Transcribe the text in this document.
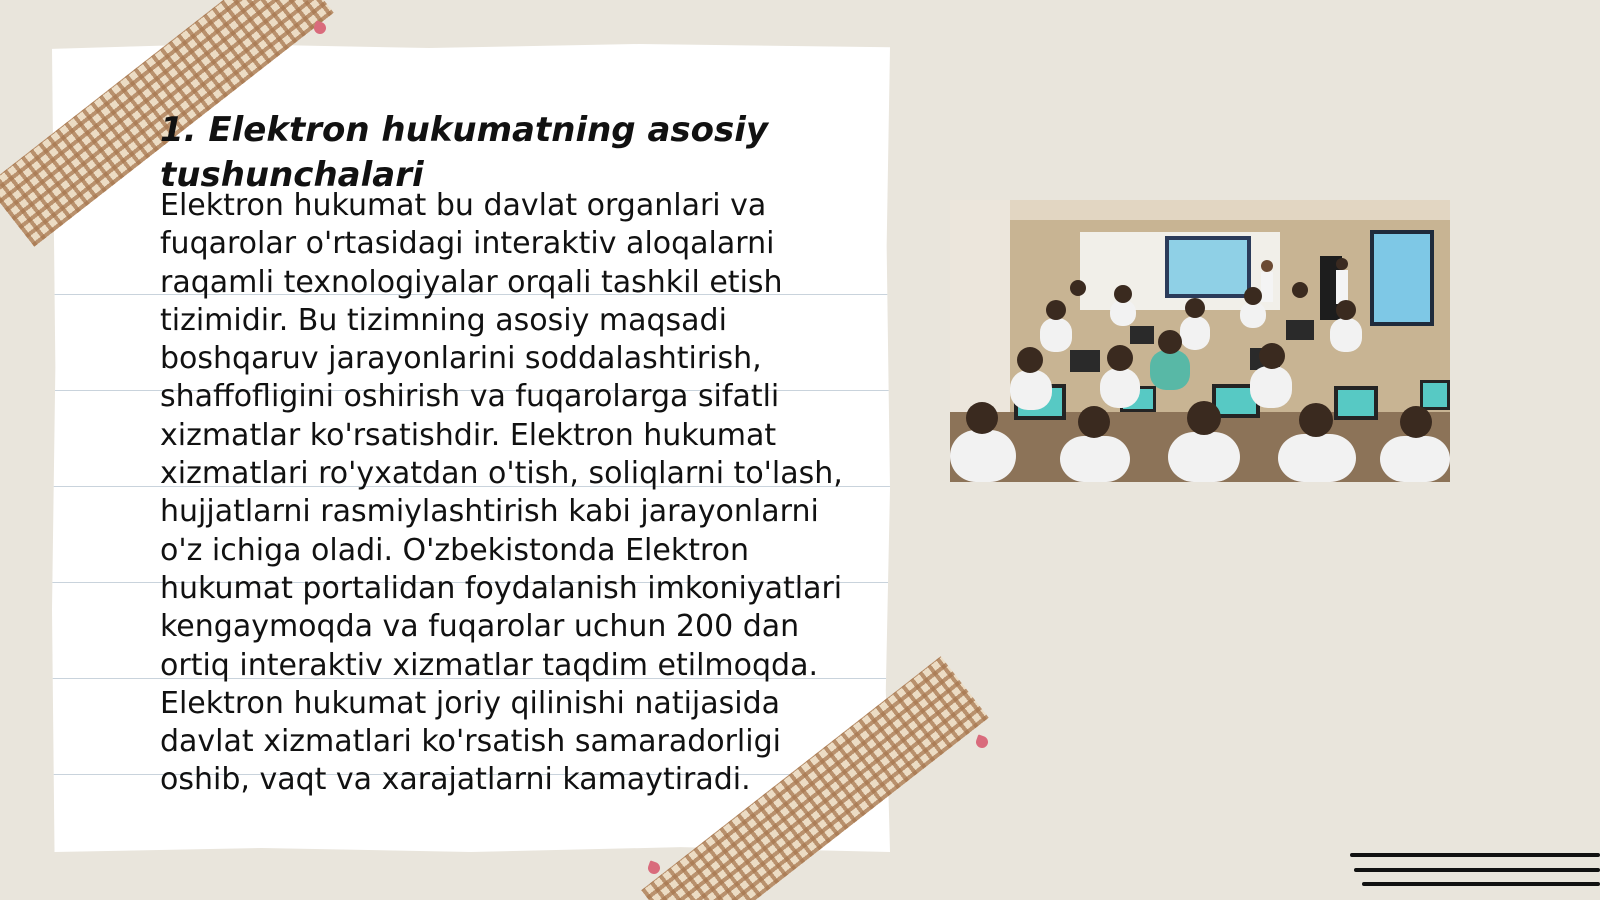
1. Elektron hukumatning asosiy tushunchalari

Elektron hukumat bu davlat organlari va fuqarolar o'rtasidagi interaktiv aloqalarni raqamli texnologiyalar orqali tashkil etish tizimidir. Bu tizimning asosiy maqsadi boshqaruv jarayonlarini soddalashtirish, shaffofligini oshirish va fuqarolarga sifatli xizmatlar ko'rsatishdir. Elektron hukumat xizmatlari ro'yxatdan o'tish, soliqlarni to'lash, hujjatlarni rasmiylashtirish kabi jarayonlarni o'z ichiga oladi. O'zbekistonda Elektron hukumat portalidan foydalanish imkoniyatlari kengaymoqda va fuqarolar uchun 200 dan ortiq interaktiv xizmatlar taqdim etilmoqda. Elektron hukumat joriy qilinishi natijasida davlat xizmatlari ko'rsatish samaradorligi oshib, vaqt va xarajatlarni kamaytiradi.
